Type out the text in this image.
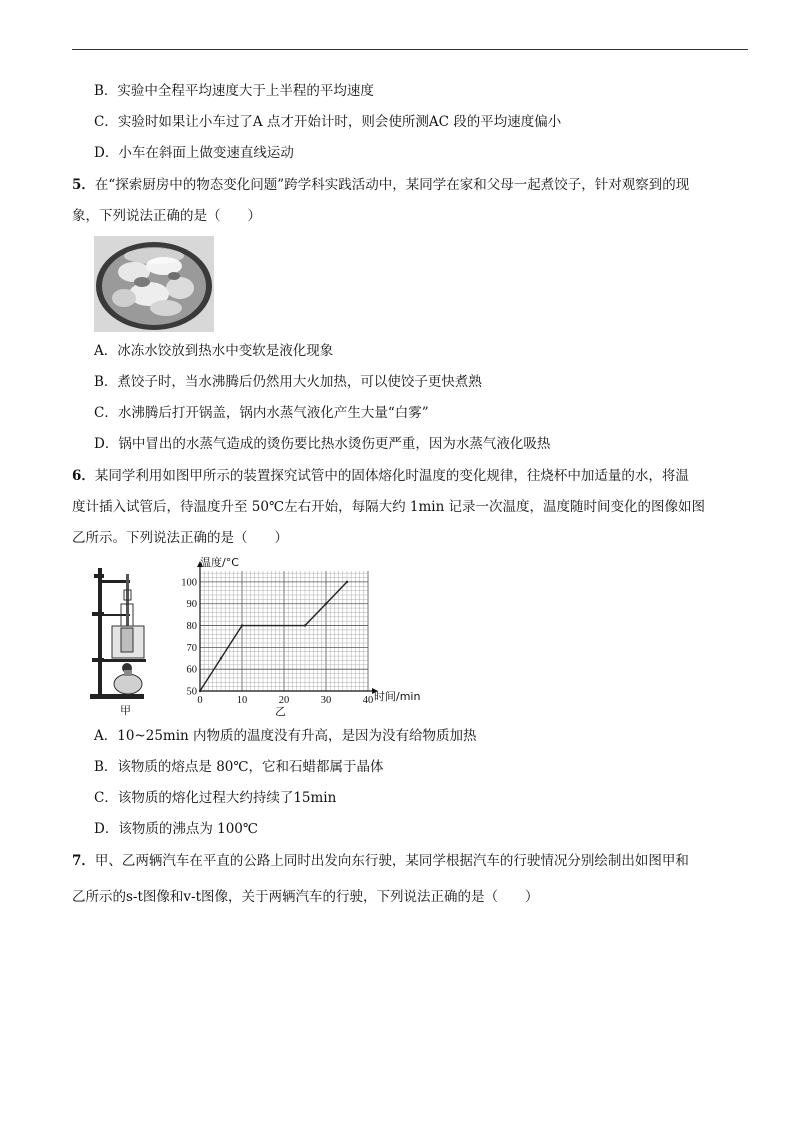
B．实验中全程平均速度大于上半程的平均速度
C．实验时如果让小车过了A 点才开始计时，则会使所测AC 段的平均速度偏小
D．小车在斜面上做变速直线运动
5．在“探索厨房中的物态变化问题”跨学科实践活动中，某同学在家和父母一起煮饺子，针对观察到的现
象，下列说法正确的是（　　）
A．冰冻水饺放到热水中变软是液化现象
B．煮饺子时，当水沸腾后仍然用大火加热，可以使饺子更快煮熟
C．水沸腾后打开锅盖，锅内水蒸气液化产生大量“白雾”
D．锅中冒出的水蒸气造成的烫伤要比热水烫伤更严重，因为水蒸气液化吸热
6．某同学利用如图甲所示的装置探究试管中的固体熔化时温度的变化规律，往烧杯中加适量的水，将温
度计插入试管后，待温度升至 50℃左右开始，每隔大约 1min 记录一次温度，温度随时间变化的图像如图
乙所示。下列说法正确的是（　　）
甲
0	10	20	30	40
50
60
70
80
90
100
温度/°C
时间/min
乙
A．10~25min 内物质的温度没有升高，是因为没有给物质加热
B．该物质的熔点是 80℃，它和石蜡都属于晶体
C．该物质的熔化过程大约持续了15min
D．该物质的沸点为 100℃
7．甲、乙两辆汽车在平直的公路上同时出发向东行驶，某同学根据汽车的行驶情况分别绘制出如图甲和
乙所示的s-t图像和v-t图像，关于两辆汽车的行驶，下列说法正确的是（　　）
